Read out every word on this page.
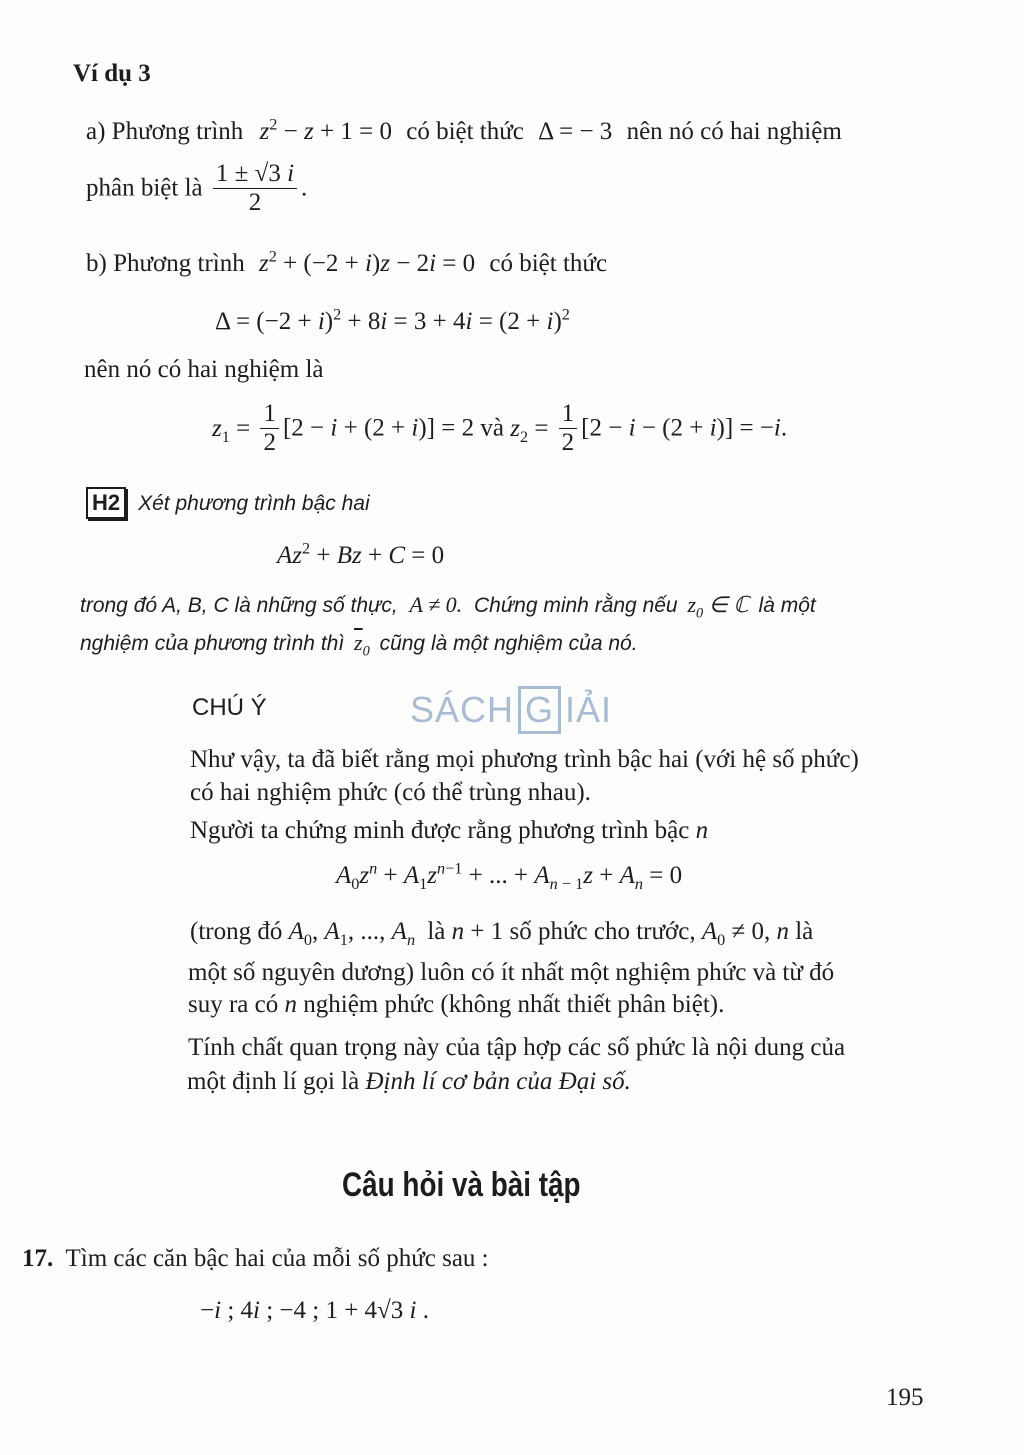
Ví dụ 3
a) Phương trình $z^2 - z + 1 = 0$ có biệt thức Δ = − 3 nên nó có hai nghiệm
phân biệt là $\frac{1 \pm √3 i}{2}$ .
b) Phương trình $z^2 + (-2 + i)z - 2i = 0$ có biệt thức
$\Delta = (-2 + i)^2 + 8i = 3 + 4i = (2 + i)^2$
nên nó có hai nghiệm là
$z_1 = \frac{1}{2} [2 - i + (2 + i)] = 2$ và $z_2 = \frac{1}{2} [2 - i - (2 + i)] = -i$.
H2 Xét phương trình bậc hai
$Az^2 + Bz + C = 0$
trong đó A, B, C là những số thực, A ≠ 0. Chứng minh rằng nếu $z_0$ ∈ ℂ là một
nghiệm của phương trình thì $\overline{z}_0$ cũng là một nghiệm của nó.
SÁCH G IẢI
CHÚ Ý
Như vậy, ta đã biết rằng mọi phương trình bậc hai (với hệ số phức)
có hai nghiệm phức (có thể trùng nhau).
Người ta chứng minh được rằng phương trình bậc n
$A_0z^n + A_1z^{n-1}$ + ... + $A_{n - 1}z + A_n = 0$
(trong đó $A_0$, $A_1$, ..., $A_n$ là n + 1 số phức cho trước, $A_0 \ne 0$, n là
một số nguyên dương) luôn có ít nhất một nghiệm phức và từ đó
suy ra có n nghiệm phức (không nhất thiết phân biệt).
Tính chất quan trọng này của tập hợp các số phức là nội dung của
một định lí gọi là Định lí cơ bản của Đại số.
Câu hỏi và bài tập
17. Tìm các căn bậc hai của mỗi số phức sau :
−i ; 4i ; −4 ; 1 + 4√3 i .
195
